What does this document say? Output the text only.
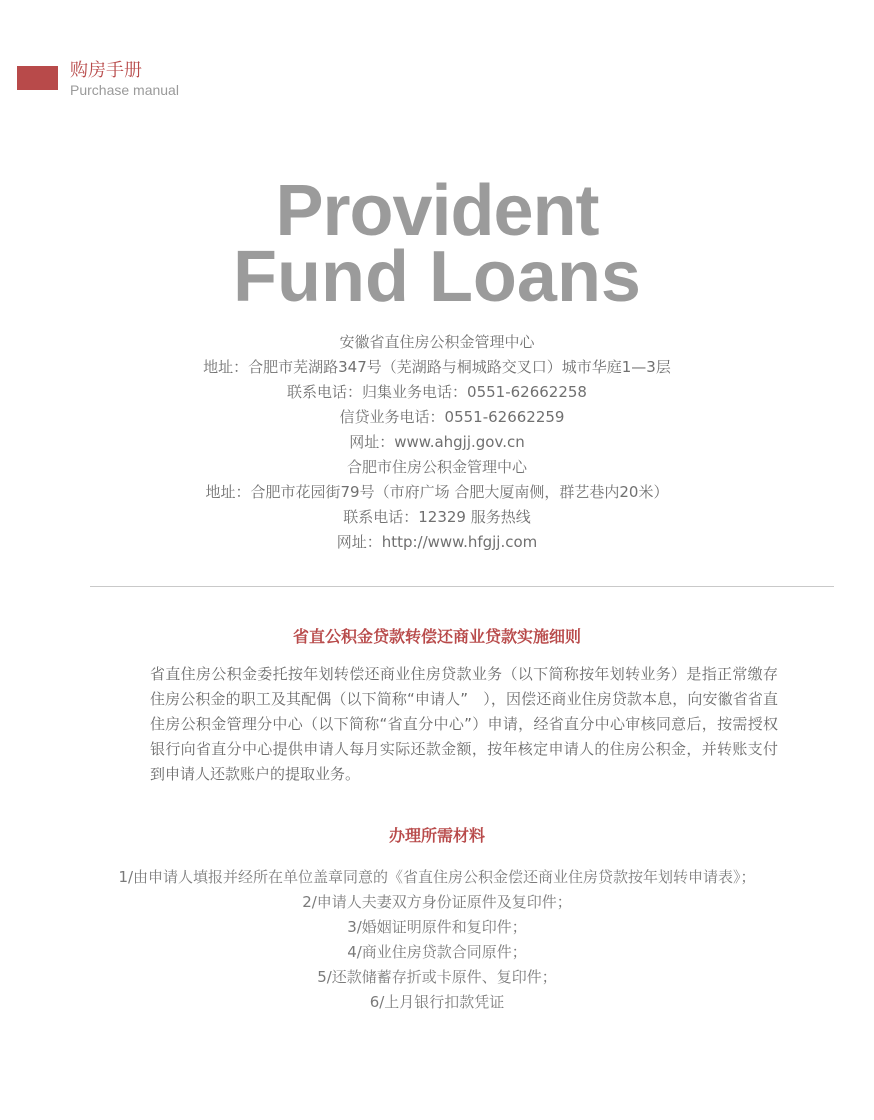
购房手册
Purchase manual
Provident
Fund Loans
安徽省直住房公积金管理中心
地址：合肥市芜湖路347号（芜湖路与桐城路交叉口）城市华庭1—3层
联系电话：归集业务电话：0551-62662258
　　信贷业务电话：0551-62662259
网址：www.ahgjj.gov.cn
合肥市住房公积金管理中心
地址：合肥市花园街79号（市府广场 合肥大厦南侧，群艺巷内20米）
联系电话：12329 服务热线
网址：http://www.hfgjj.com
省直公积金贷款转偿还商业贷款实施细则
省直住房公积金委托按年划转偿还商业住房贷款业务（以下简称按年划转业务）是指正常缴存住房公积金的职工及其配偶（以下简称“申请人”　），因偿还商业住房贷款本息，向安徽省省直住房公积金管理分中心（以下简称“省直分中心”）申请，经省直分中心审核同意后，按需授权银行向省直分中心提供申请人每月实际还款金额，按年核定申请人的住房公积金，并转账支付到申请人还款账户的提取业务。
办理所需材料
1/由申请人填报并经所在单位盖章同意的《省直住房公积金偿还商业住房贷款按年划转申请表》；
2/申请人夫妻双方身份证原件及复印件；
3/婚姻证明原件和复印件；
4/商业住房贷款合同原件；
5/还款储蓄存折或卡原件、复印件；
6/上月银行扣款凭证
